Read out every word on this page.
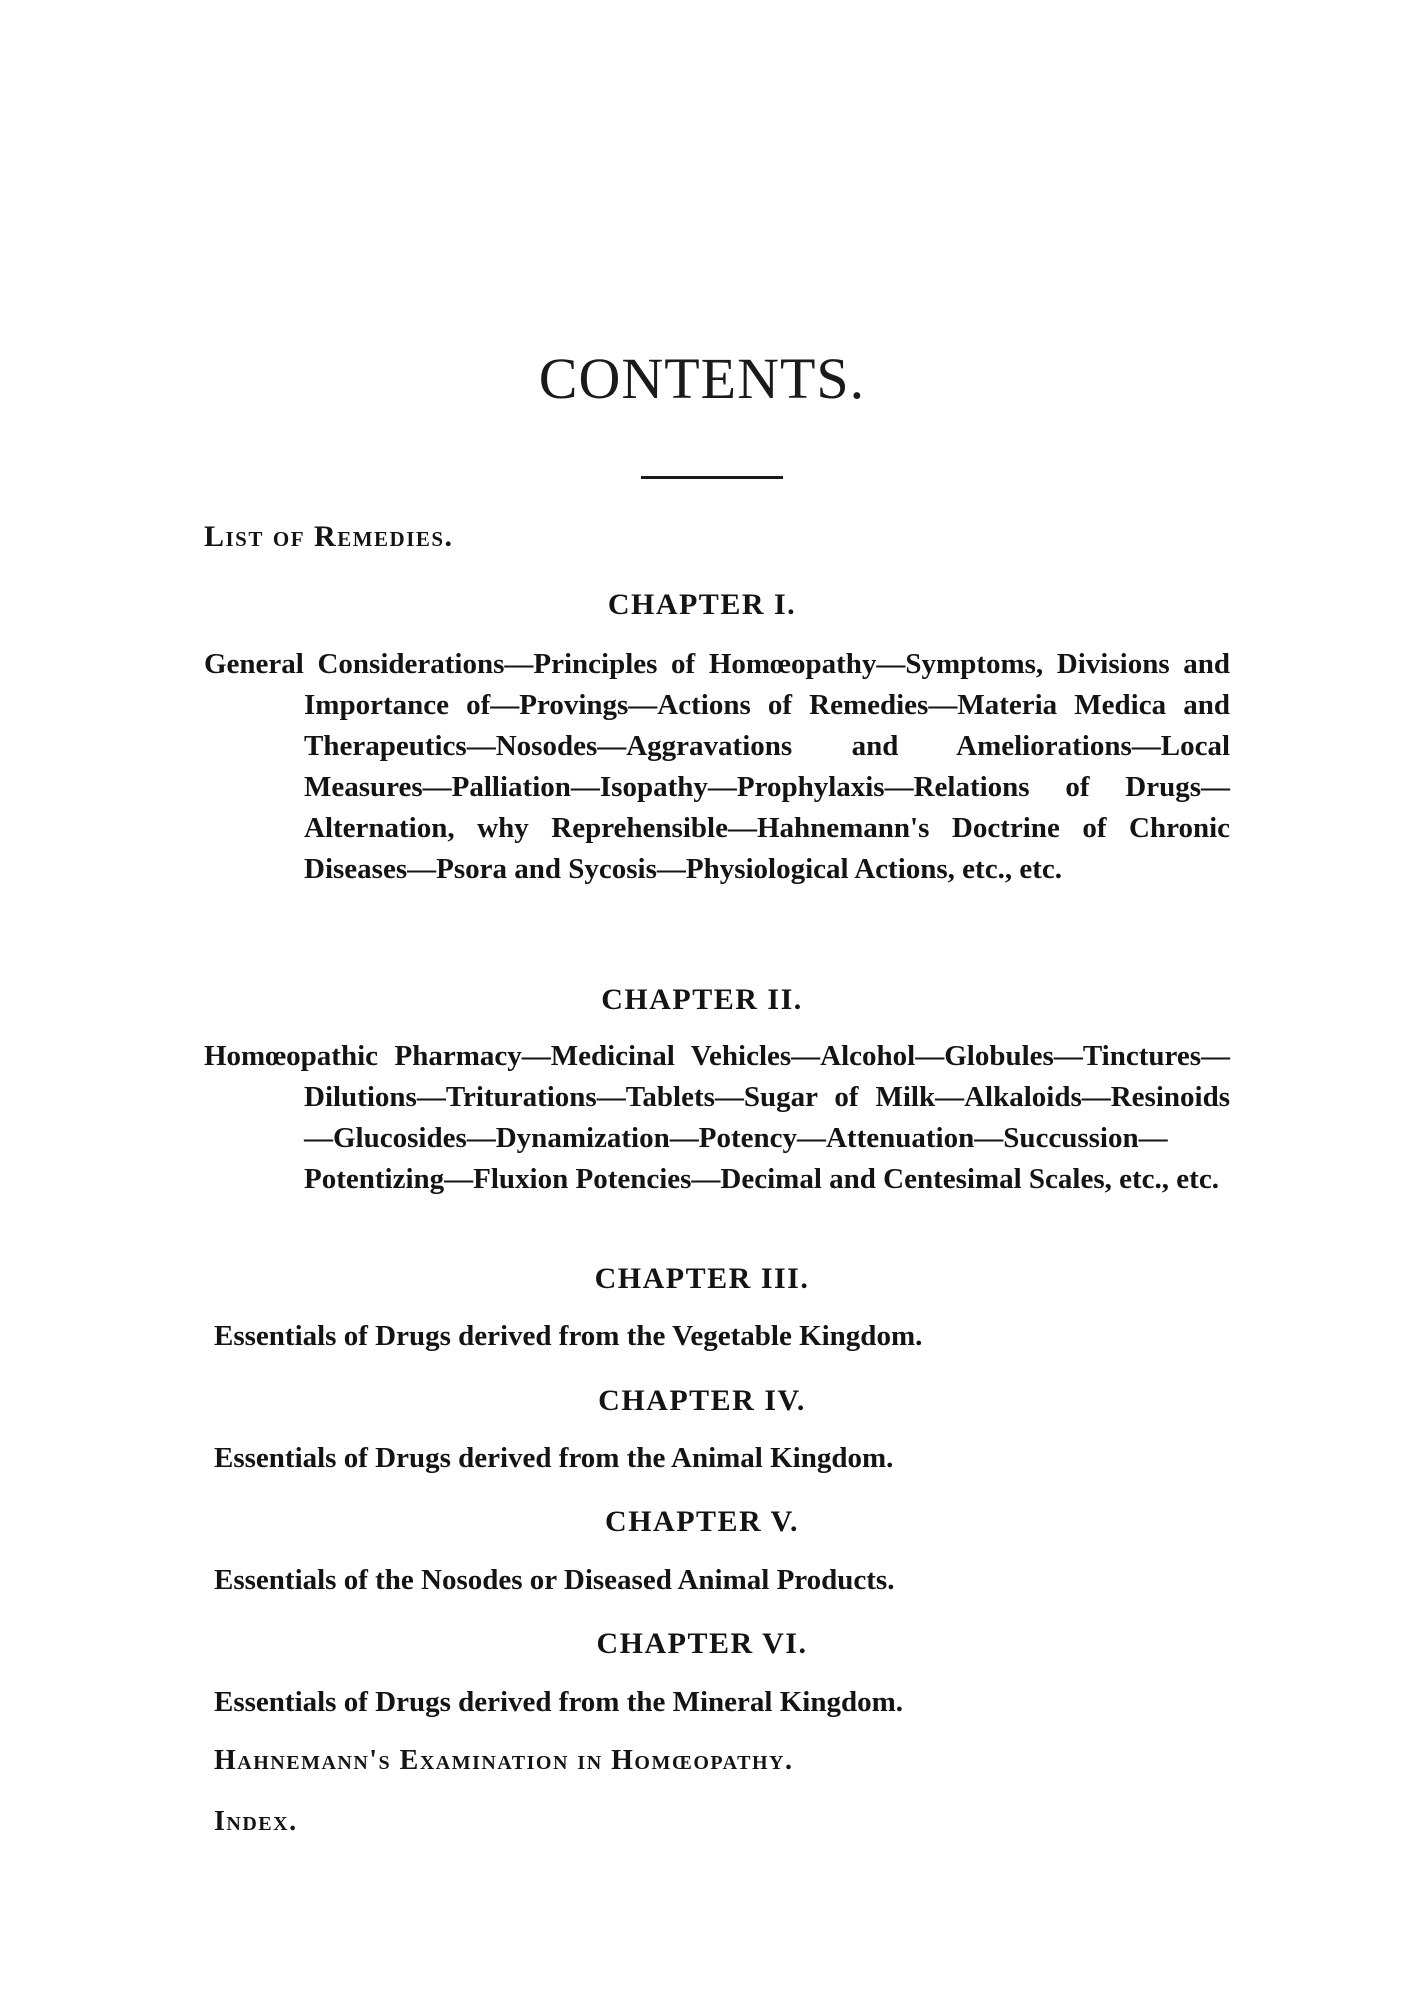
CONTENTS.
List of Remedies.
CHAPTER I.
General Considerations—Principles of Homœopathy—Symptoms, Divisions and Importance of—Provings—Actions of Remedies—Materia Medica and Therapeutics—Nosodes—Aggravations and Ameliorations—Local Measures—Palliation—Isopathy—Prophylaxis—Relations of Drugs—Alternation, why Reprehensible—Hahnemann's Doctrine of Chronic Diseases—Psora and Sycosis—Physiological Actions, etc., etc.
CHAPTER II.
Homœopathic Pharmacy—Medicinal Vehicles—Alcohol—Globules—Tinctures—Dilutions—Triturations—Tablets—Sugar of Milk—Alkaloids—Resinoids—Glucosides—Dynamization—Potency—Attenuation—Succussion—Potentizing—Fluxion Potencies—Decimal and Centesimal Scales, etc., etc.
CHAPTER III.
Essentials of Drugs derived from the Vegetable Kingdom.
CHAPTER IV.
Essentials of Drugs derived from the Animal Kingdom.
CHAPTER V.
Essentials of the Nosodes or Diseased Animal Products.
CHAPTER VI.
Essentials of Drugs derived from the Mineral Kingdom.
Hahnemann's Examination in Homœopathy.
Index.
